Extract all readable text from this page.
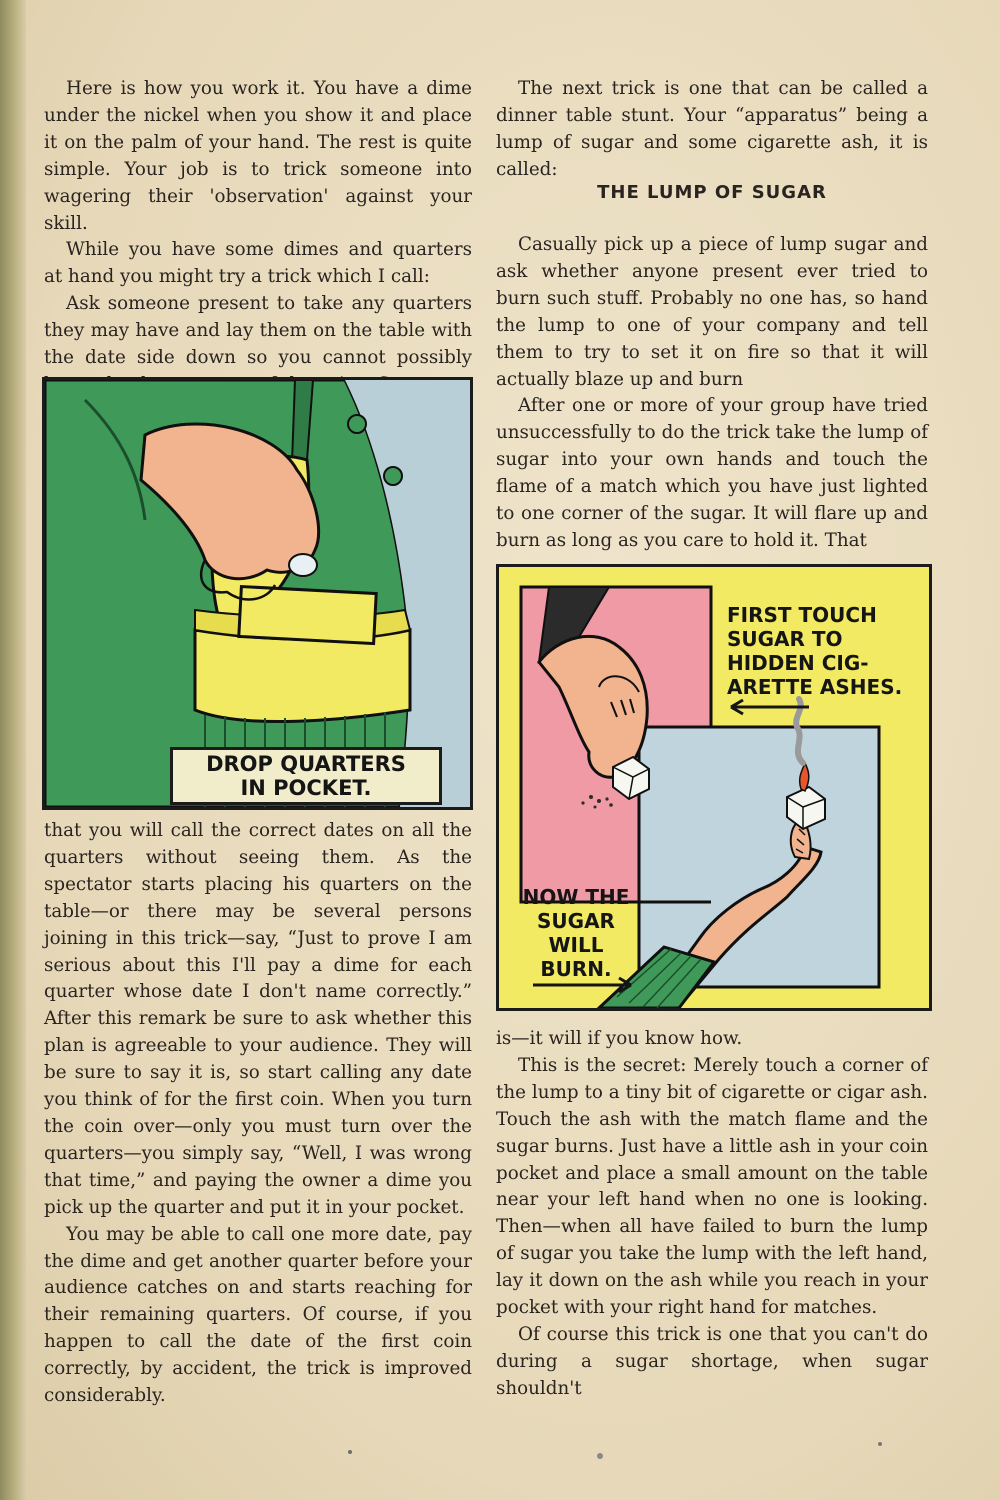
Here is how you work it. You have a dime under the nickel when you show it and place it on the palm of your hand. The rest is quite simple. Your job is to trick someone into wagering their 'observation' against your skill.

While you have some dimes and quarters at hand you might try a trick which I call:

Ask someone present to take any quarters they may have and lay them on the table with the date side down so you cannot possibly

DROP QUARTERS
IN POCKET.

that you will call the correct dates on all the quarters without seeing them. As the spectator starts placing his quarters on the table—or there may be several persons joining in this trick—say, “Just to prove I am serious about this I'll pay a dime for each quarter whose date I don't name correctly.” After this remark be sure to ask whether this plan is agreeable to your audience. They will be sure to say it is, so start calling any date you think of for the first coin. When you turn the coin over—only you must turn over the quarters—you simply say, “Well, I was wrong that time,” and paying the owner a dime you pick up the quarter and put it in your pocket.

You may be able to call one more date, pay the dime and get another quarter before your audience catches on and starts reaching for their remaining quarters. Of course, if you happen to call the date of the first coin correctly, by accident, the trick is improved considerably.

The next trick is one that can be called a dinner table stunt. Your “apparatus” being a lump of sugar and some cigarette ash, it is called:

THE LUMP OF SUGAR

Casually pick up a piece of lump sugar and ask whether anyone present ever tried to burn such stuff. Probably no one has, so hand the lump to one of your company and tell them to try to set it on fire so that it will actually blaze up and burn

After one or more of your group have tried unsuccessfully to do the trick take the lump of sugar into your own hands and touch the flame of a match which you have just lighted to one corner of the sugar. It will flare up and burn as long as you care to hold it. That

FIRST TOUCH
SUGAR TO
HIDDEN CIG-
ARETTE ASHES.
NOW THE
SUGAR
WILL
BURN.

is—it will if you know how.

This is the secret: Merely touch a corner of the lump to a tiny bit of cigarette or cigar ash. Touch the ash with the match flame and the sugar burns. Just have a little ash in your coin pocket and place a small amount on the table near your left hand when no one is looking. Then—when all have failed to burn the lump of sugar you take the lump with the left hand, lay it down on the ash while you reach in your pocket with your right hand for matches.

Of course this trick is one that you can't do during a sugar shortage, when sugar shouldn't
